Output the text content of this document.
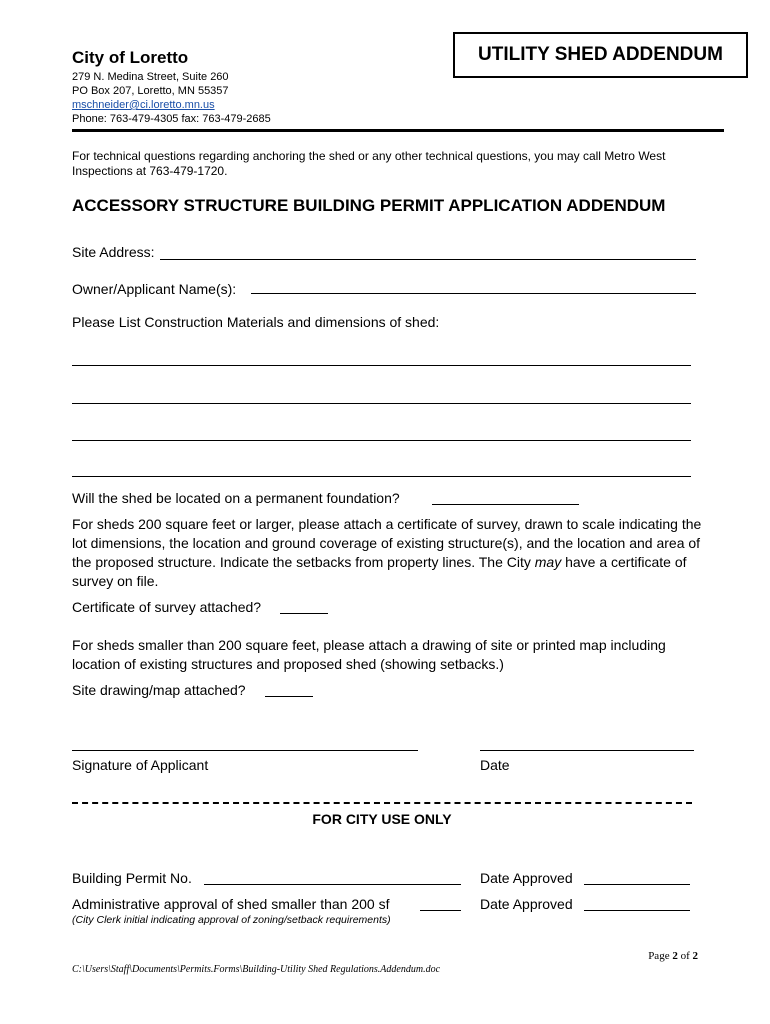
City of Loretto
279 N. Medina Street, Suite 260
PO Box 207, Loretto, MN 55357
mschneider@ci.loretto.mn.us
Phone: 763-479-4305 fax: 763-479-2685
UTILITY SHED ADDENDUM
For technical questions regarding anchoring the shed or any other technical questions, you may call Metro West Inspections at 763-479-1720.
ACCESSORY STRUCTURE BUILDING PERMIT APPLICATION ADDENDUM
Site Address:
Owner/Applicant Name(s):
Please List Construction Materials and dimensions of shed:
Will the shed be located on a permanent foundation?
For sheds 200 square feet or larger, please attach a certificate of survey, drawn to scale indicating the lot dimensions, the location and ground coverage of existing structure(s), and the location and area of the proposed structure. Indicate the setbacks from property lines. The City may have a certificate of survey on file.
Certificate of survey attached?
For sheds smaller than 200 square feet, please attach a drawing of site or printed map including location of existing structures and proposed shed (showing setbacks.)
Site drawing/map attached?
Signature of Applicant	Date
FOR CITY USE ONLY
Building Permit No.	Date Approved
Administrative approval of shed smaller than 200 sf	Date Approved
(City Clerk initial indicating approval of zoning/setback requirements)
Page 2 of 2
C:\Users\Staff\Documents\Permits.Forms\Building-Utility Shed Regulations.Addendum.doc
